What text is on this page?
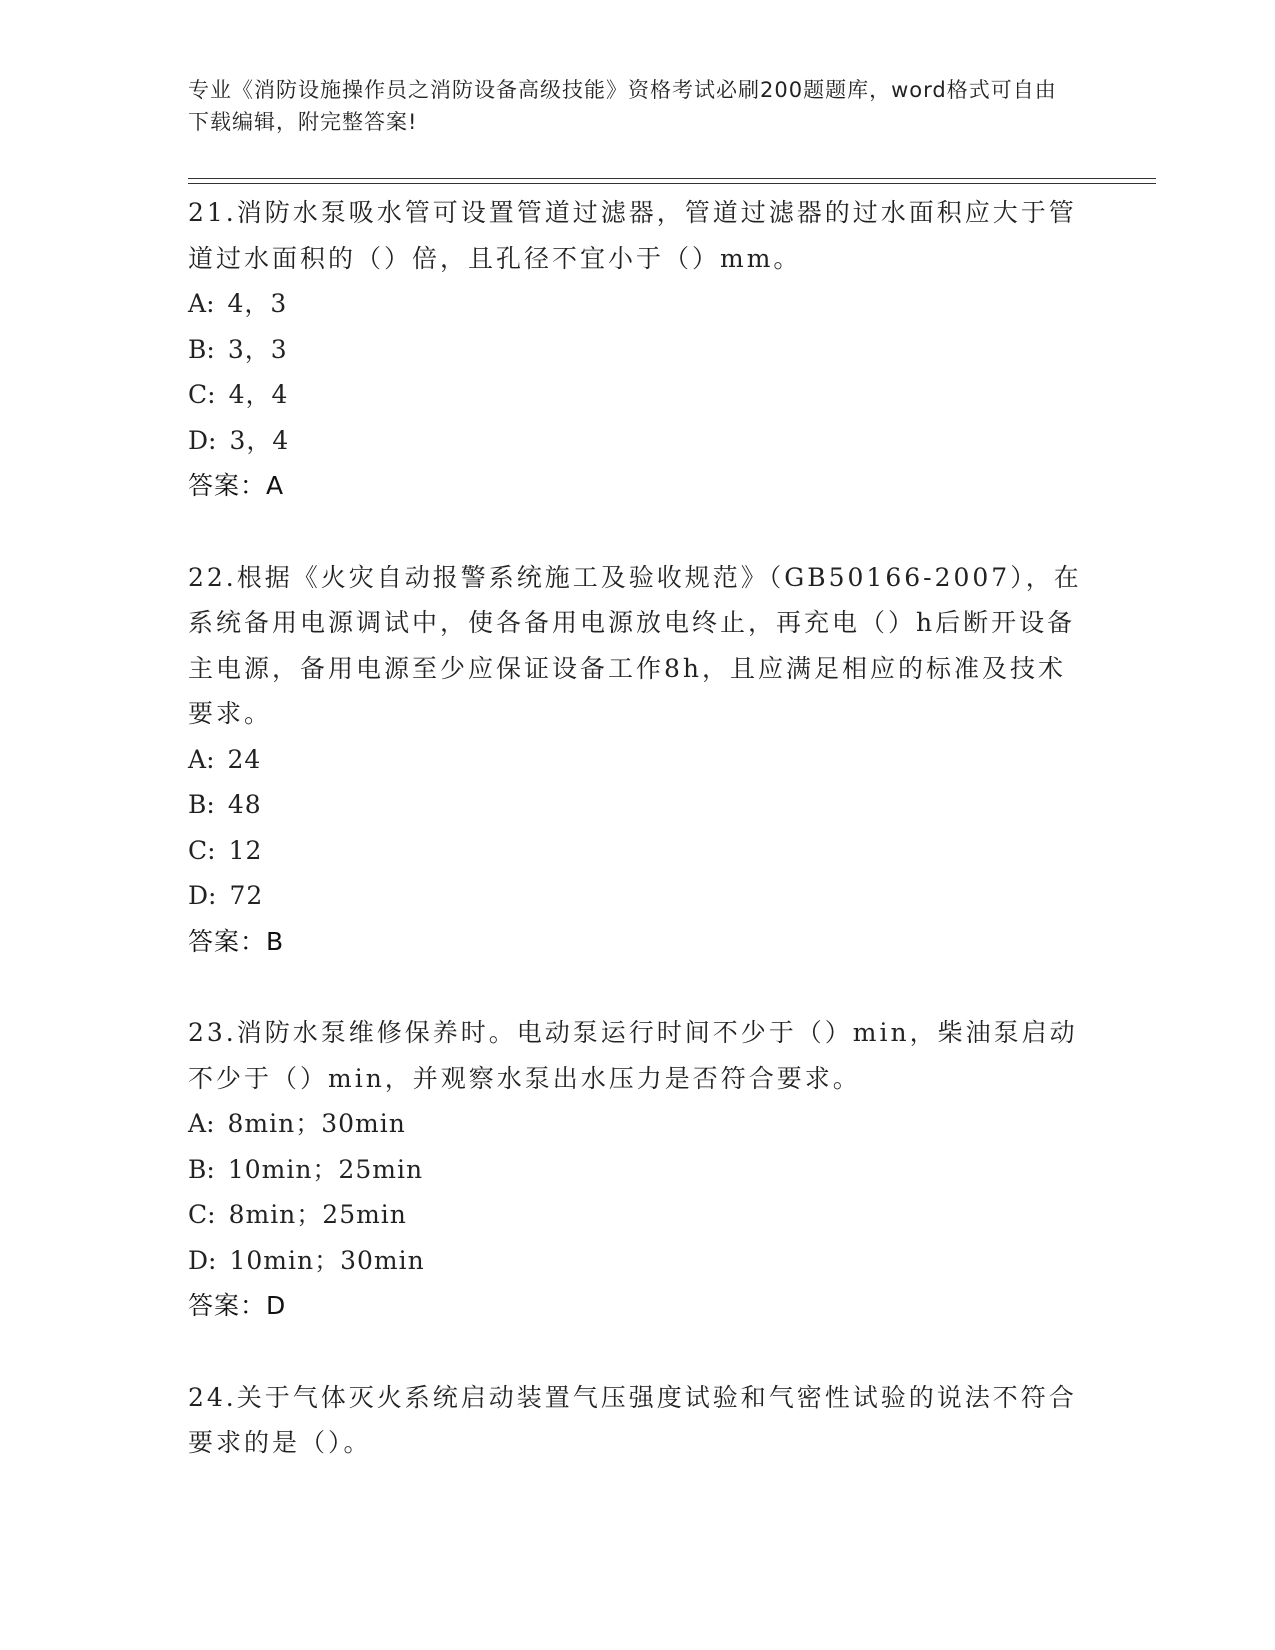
专业《消防设施操作员之消防设备高级技能》资格考试必刷200题题库，word格式可自由下载编辑，附完整答案!

21.消防水泵吸水管可设置管道过滤器，管道过滤器的过水面积应大于管道过水面积的（）倍，且孔径不宜小于（）mm。

A: 4，3

B: 3，3

C: 4，4

D: 3，4

答案：A

22.根据《火灾自动报警系统施工及验收规范》（GB50166-2007），在系统备用电源调试中，使各备用电源放电终止，再充电（）h后断开设备主电源，备用电源至少应保证设备工作8h，且应满足相应的标准及技术要求。

A: 24

B: 48

C: 12

D: 72

答案：B

23.消防水泵维修保养时。电动泵运行时间不少于（）min，柴油泵启动不少于（）min，并观察水泵出水压力是否符合要求。

A: 8min；30min

B: 10min；25min

C: 8min；25min

D: 10min；30min

答案：D

24.关于气体灭火系统启动装置气压强度试验和气密性试验的说法不符合要求的是（）。
